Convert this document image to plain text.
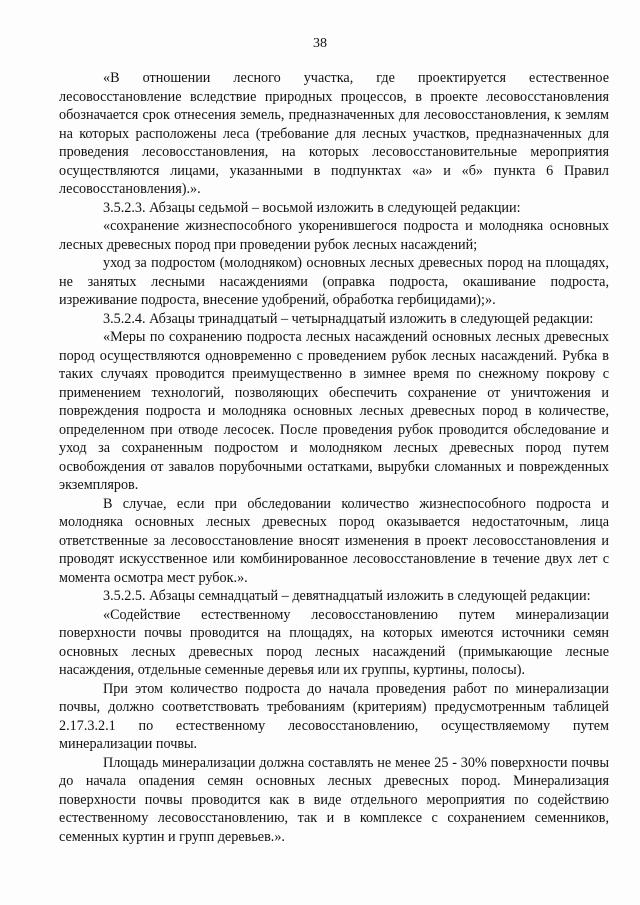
38

«В отношении лесного участка, где проектируется естественное лесовосстановление вследствие природных процессов, в проекте лесовосстановления обозначается срок отнесения земель, предназначенных для лесовосстановления, к землям на которых расположены леса (требование для лесных участков, предназначенных для проведения лесовосстановления, на которых лесовосстановительные мероприятия осуществляются лицами, указанными в подпунктах «а» и «б» пункта 6 Правил лесовосстановления).».

3.5.2.3. Абзацы седьмой – восьмой изложить в следующей редакции:

«сохранение жизнеспособного укоренившегося подроста и молодняка основных лесных древесных пород при проведении рубок лесных насаждений;

уход за подростом (молодняком) основных лесных древесных пород на площадях, не занятых лесными насаждениями (оправка подроста, окашивание подроста, изреживание подроста, внесение удобрений, обработка гербицидами);».

3.5.2.4. Абзацы тринадцатый – четырнадцатый изложить в следующей редакции:

«Меры по сохранению подроста лесных насаждений основных лесных древесных пород осуществляются одновременно с проведением рубок лесных насаждений. Рубка в таких случаях проводится преимущественно в зимнее время по снежному покрову с применением технологий, позволяющих обеспечить сохранение от уничтожения и повреждения подроста и молодняка основных лесных древесных пород в количестве, определенном при отводе лесосек. После проведения рубок проводится обследование и уход за сохраненным подростом и молодняком лесных древесных пород путем освобождения от завалов порубочными остатками, вырубки сломанных и поврежденных экземпляров.

В случае, если при обследовании количество жизнеспособного подроста и молодняка основных лесных древесных пород оказывается недостаточным, лица ответственные за лесовосстановление вносят изменения в проект лесовосстановления и проводят искусственное или комбинированное лесовосстановление в течение двух лет с момента осмотра мест рубок.».

3.5.2.5. Абзацы семнадцатый – девятнадцатый изложить в следующей редакции:

«Содействие естественному лесовосстановлению путем минерализации поверхности почвы проводится на площадях, на которых имеются источники семян основных лесных древесных пород лесных насаждений (примыкающие лесные насаждения, отдельные семенные деревья или их группы, куртины, полосы).

При этом количество подроста до начала проведения работ по минерализации почвы, должно соответствовать требованиям (критериям) предусмотренным таблицей 2.17.3.2.1 по естественному лесовосстановлению, осуществляемому путем минерализации почвы.

Площадь минерализации должна составлять не менее 25 - 30% поверхности почвы до начала опадения семян основных лесных древесных пород. Минерализация поверхности почвы проводится как в виде отдельного мероприятия по содействию естественному лесовосстановлению, так и в комплексе с сохранением семенников, семенных куртин и групп деревьев.».
